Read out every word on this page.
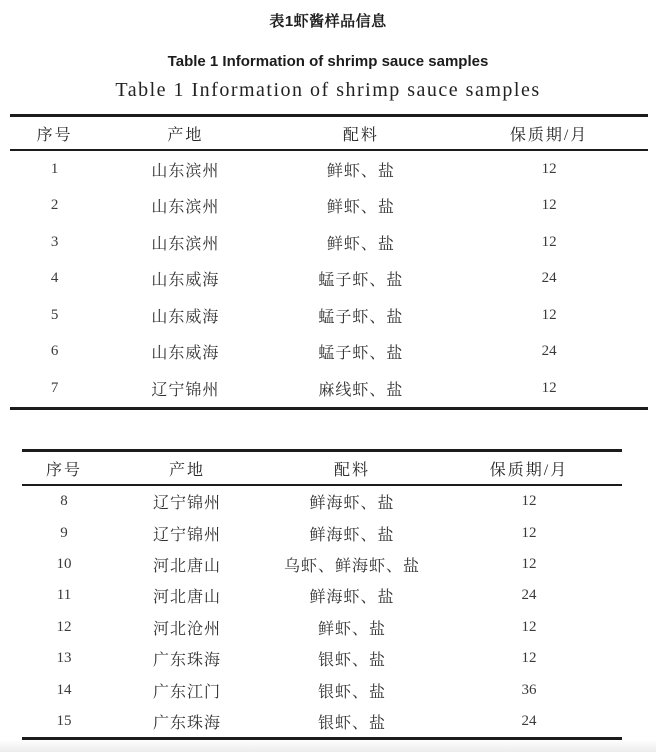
表1虾酱样品信息
Table 1 Information of shrimp sauce samples
Table 1 Information of shrimp sauce samples
序号	产地	配料	保质期/月
1	山东滨州	鲜虾、盐	12
2	山东滨州	鲜虾、盐	12
3	山东滨州	鲜虾、盐	12
4	山东威海	蜢子虾、盐	24
5	山东威海	蜢子虾、盐	12
6	山东威海	蜢子虾、盐	24
7	辽宁锦州	麻线虾、盐	12
序号	产地	配料	保质期/月
8	辽宁锦州	鲜海虾、盐	12
9	辽宁锦州	鲜海虾、盐	12
10	河北唐山	乌虾、鲜海虾、盐	12
11	河北唐山	鲜海虾、盐	24
12	河北沧州	鲜虾、盐	12
13	广东珠海	银虾、盐	12
14	广东江门	银虾、盐	36
15	广东珠海	银虾、盐	24
